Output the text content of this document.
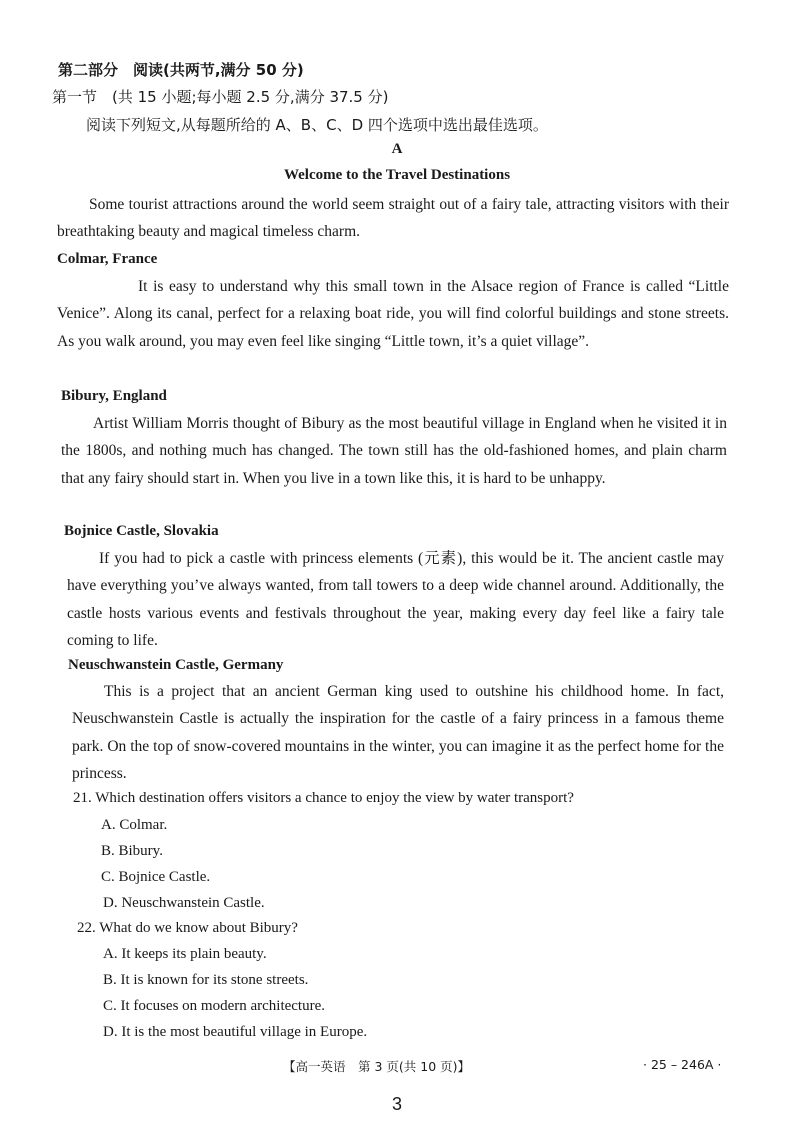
第二部分　阅读(共两节,满分 50 分)
第一节　(共 15 小题;每小题 2.5 分,满分 37.5 分)
阅读下列短文,从每题所给的 A、B、C、D 四个选项中选出最佳选项。
A
Welcome to the Travel Destinations

Some tourist attractions around the world seem straight out of a fairy tale, attracting visitors with their breathtaking beauty and magical timeless charm.

Colmar, France

It is easy to understand why this small town in the Alsace region of France is called “Little Venice”. Along its canal, perfect for a relaxing boat ride, you will find colorful buildings and stone streets. As you walk around, you may even feel like singing “Little town, it’s a quiet village”.

Bibury, England

Artist William Morris thought of Bibury as the most beautiful village in England when he visited it in the 1800s, and nothing much has changed. The town still has the old-fashioned homes, and plain charm that any fairy should start in. When you live in a town like this, it is hard to be unhappy.

Bojnice Castle, Slovakia

If you had to pick a castle with princess elements (元素), this would be it. The ancient castle may have everything you’ve always wanted, from tall towers to a deep wide channel around. Additionally, the castle hosts various events and festivals throughout the year, making every day feel like a fairy tale coming to life.

Neuschwanstein Castle, Germany

This is a project that an ancient German king used to outshine his childhood home. In fact, Neuschwanstein Castle is actually the inspiration for the castle of a fairy princess in a famous theme park. On the top of snow-covered mountains in the winter, you can imagine it as the perfect home for the princess.

21. Which destination offers visitors a chance to enjoy the view by water transport?
A. Colmar.
B. Bibury.
C. Bojnice Castle.
D. Neuschwanstein Castle.
22. What do we know about Bibury?
A. It keeps its plain beauty.
B. It is known for its stone streets.
C. It focuses on modern architecture.
D. It is the most beautiful village in Europe.
【高一英语　第 3 页(共 10 页)】	· 25 – 246A ·
3
